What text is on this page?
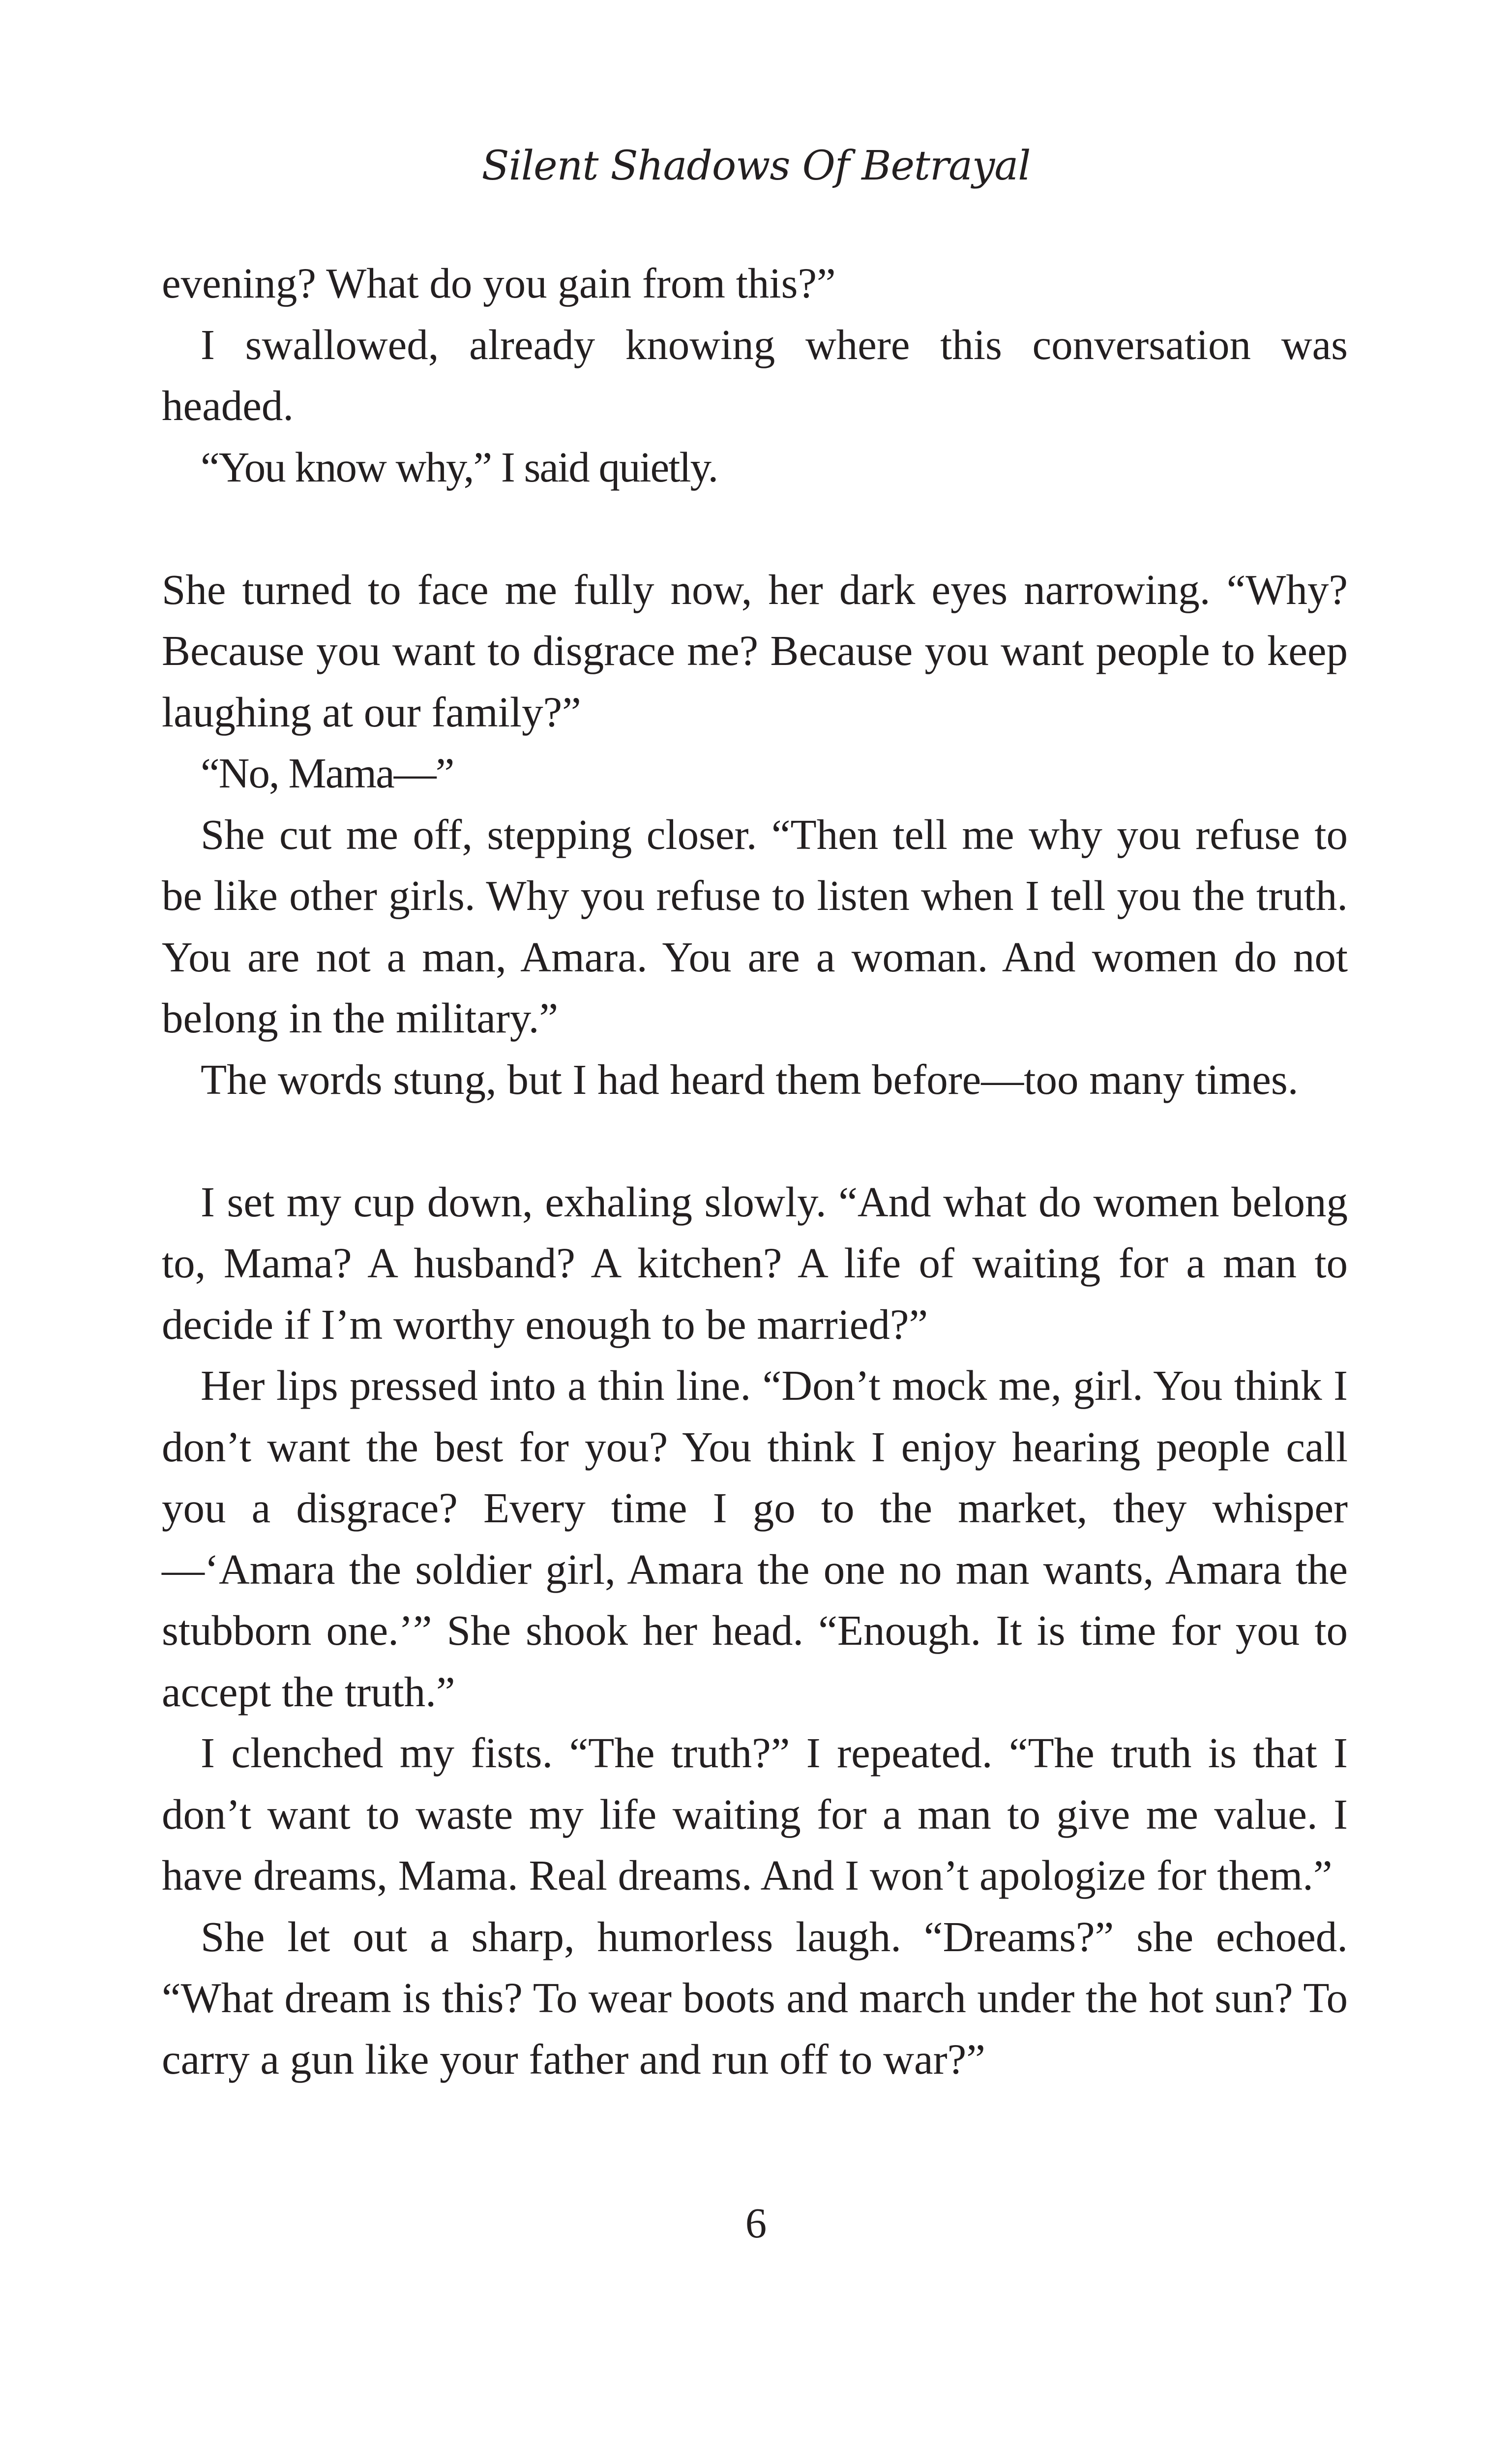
Silent Shadows Of Betrayal

evening? What do you gain from this?”

I swallowed, already knowing where this conversation was headed.

“You know why,” I said quietly.

She turned to face me fully now, her dark eyes narrowing. “Why? Because you want to disgrace me? Because you want people to keep laughing at our family?”

“No, Mama—”

She cut me off, stepping closer. “Then tell me why you refuse to be like other girls. Why you refuse to listen when I tell you the truth. You are not a man, Amara. You are a woman. And women do not belong in the military.”

The words stung, but I had heard them before—too many times.

I set my cup down, exhaling slowly. “And what do women belong to, Mama? A husband? A kitchen? A life of waiting for a man to decide if I’m worthy enough to be married?”

Her lips pressed into a thin line. “Don’t mock me, girl. You think I don’t want the best for you? You think I enjoy hearing people call you a disgrace? Every time I go to the market, they whisper—‘Amara the soldier girl, Amara the one no man wants, Amara the stubborn one.’” She shook her head. “Enough. It is time for you to accept the truth.”

I clenched my fists. “The truth?” I repeated. “The truth is that I don’t want to waste my life waiting for a man to give me value. I have dreams, Mama. Real dreams. And I won’t apologize for them.”

She let out a sharp, humorless laugh. “Dreams?” she echoed. “What dream is this? To wear boots and march under the hot sun? To carry a gun like your father and run off to war?”

6
